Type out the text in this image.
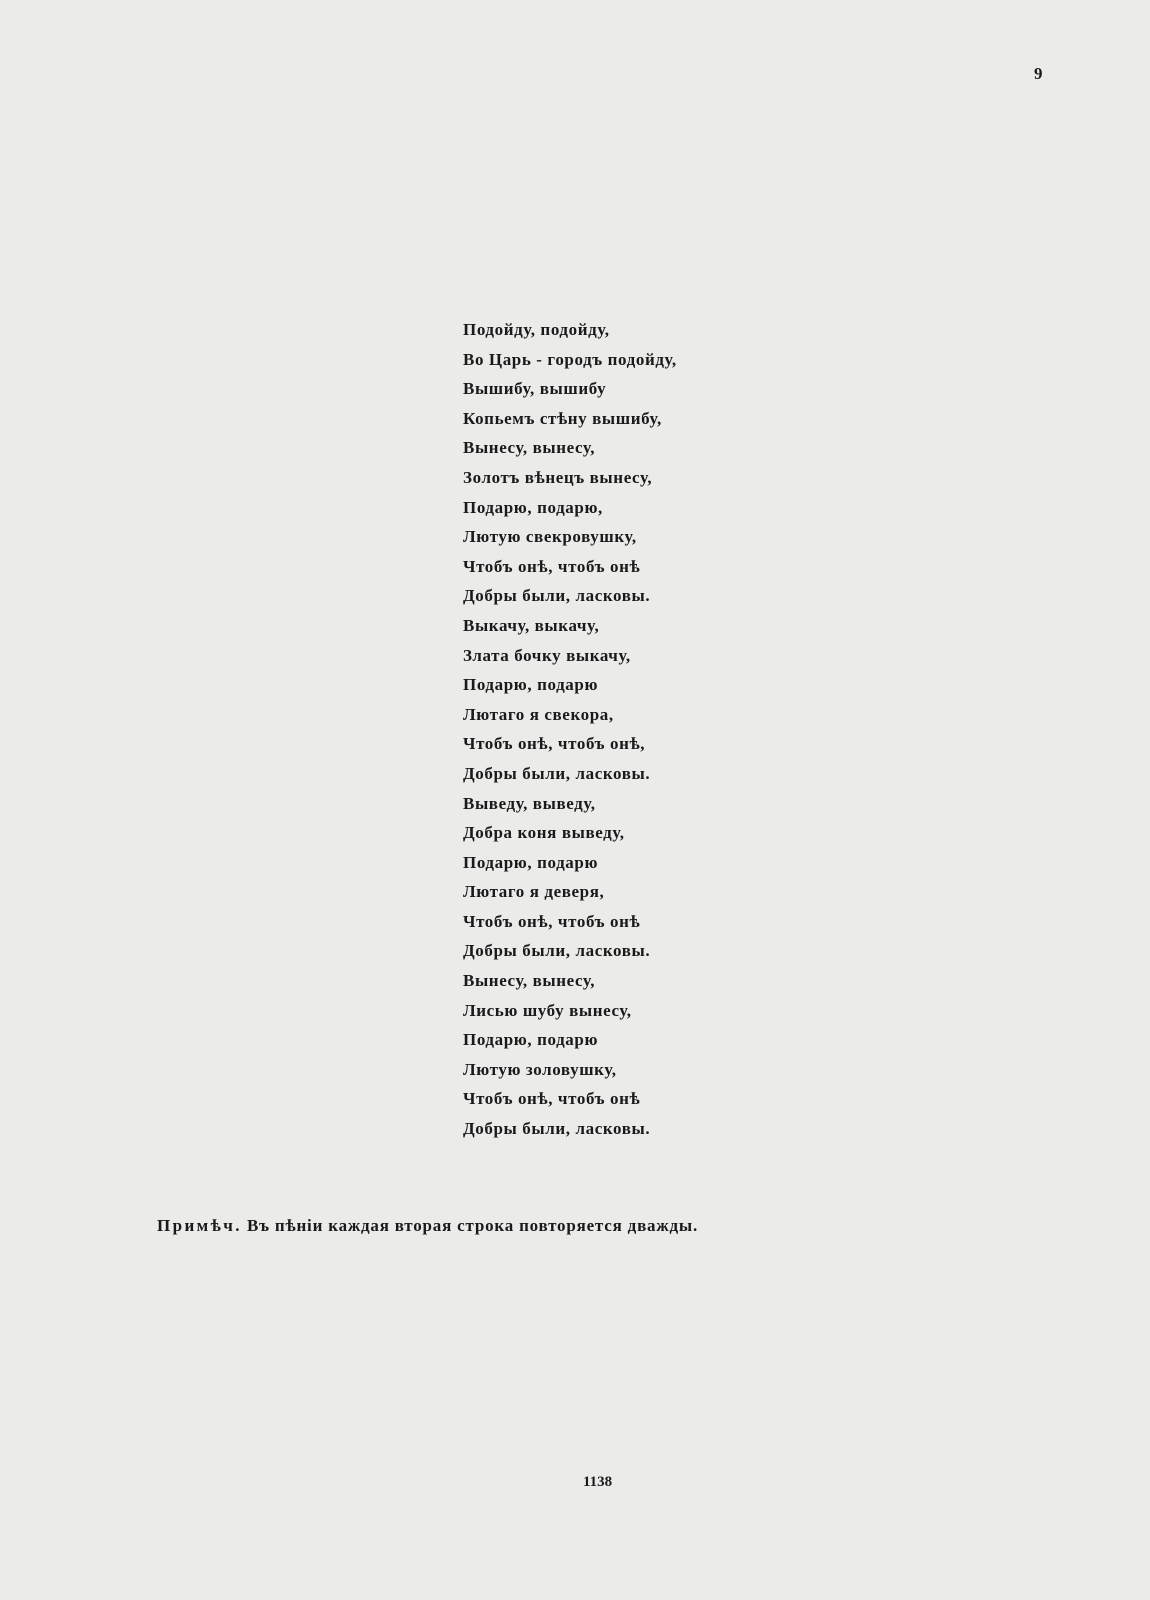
9
Подойду, подойду,
Во Царь - городъ подойду,
Вышибу, вышибу
Копьемъ стѣну вышибу,
Вынесу, вынесу,
Золотъ вѣнецъ вынесу,
Подарю, подарю,
Лютую свекровушку,
Чтобъ онѣ, чтобъ онѣ
Добры были, ласковы.
Выкачу, выкачу,
Злата бочку выкачу,
Подарю, подарю
Лютаго я свекора,
Чтобъ онѣ, чтобъ онѣ,
Добры были, ласковы.
Выведу, выведу,
Добра коня выведу,
Подарю, подарю
Лютаго я деверя,
Чтобъ онѣ, чтобъ онѣ
Добры были, ласковы.
Вынесу, вынесу,
Лисью шубу вынесу,
Подарю, подарю
Лютую золовушку,
Чтобъ онѣ, чтобъ онѣ
Добры были, ласковы.
Примѣч. Въ пѣніи каждая вторая строка повторяется дважды.
1138
